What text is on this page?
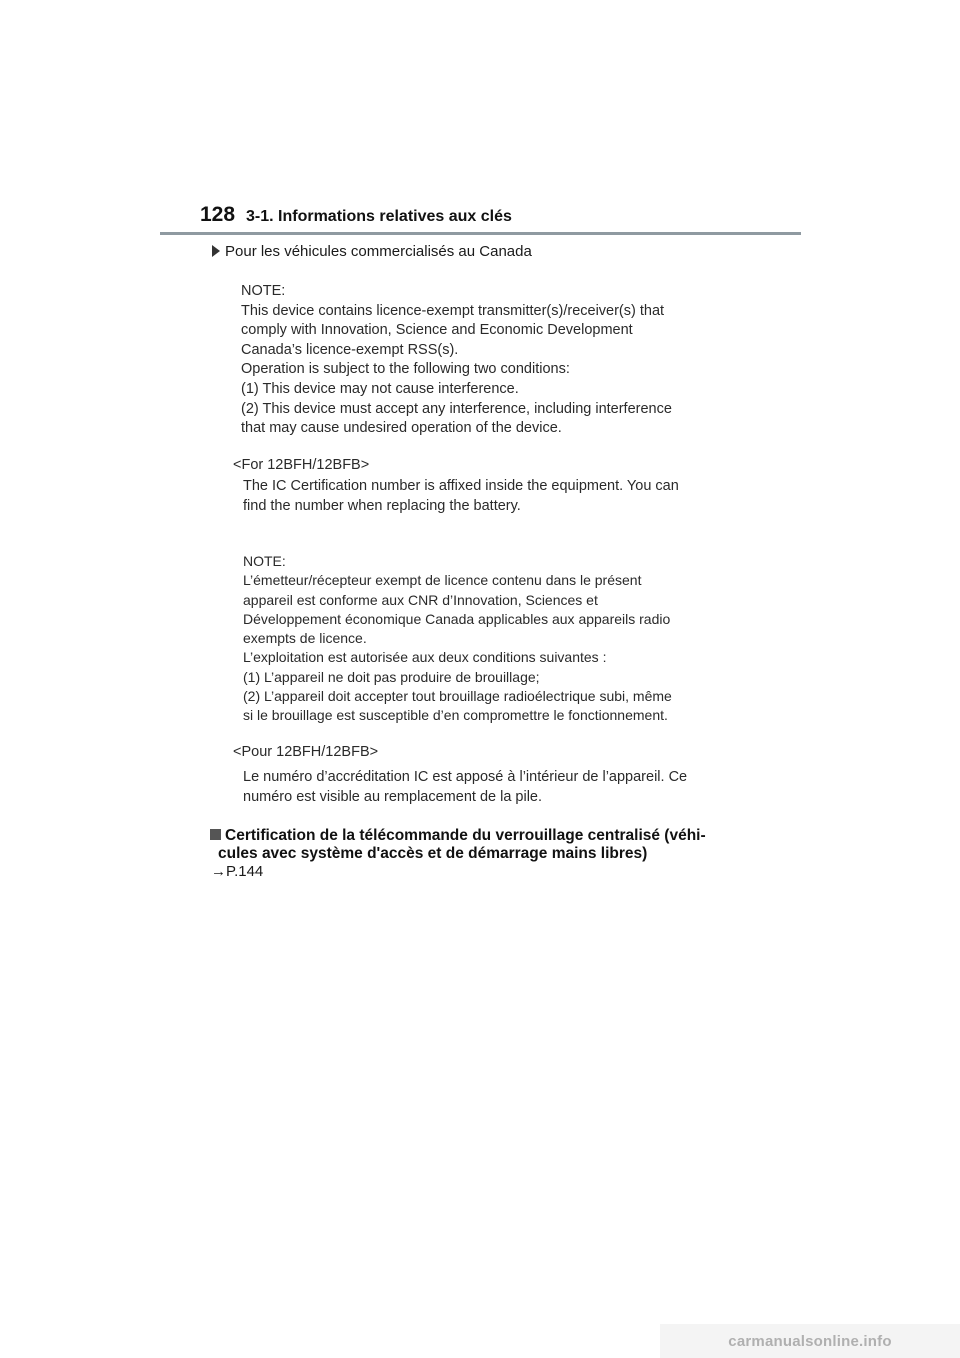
128 3-1. Informations relatives aux clés
Pour les véhicules commercialisés au Canada
NOTE:
This device contains licence-exempt transmitter(s)/receiver(s) that
comply with Innovation, Science and Economic Development
Canada’s licence-exempt RSS(s).
Operation is subject to the following two conditions:
(1) This device may not cause interference.
(2) This device must accept any interference, including interference
that may cause undesired operation of the device.
<For 12BFH/12BFB>
The IC Certification number is affixed inside the equipment. You can
find the number when replacing the battery.
NOTE:
L’émetteur/récepteur exempt de licence contenu dans le présent
appareil est conforme aux CNR d’Innovation, Sciences et
Développement économique Canada applicables aux appareils radio
exempts de licence.
L’exploitation est autorisée aux deux conditions suivantes :
(1) L’appareil ne doit pas produire de brouillage;
(2) L’appareil doit accepter tout brouillage radioélectrique subi, même
si le brouillage est susceptible d’en compromettre le fonctionnement.
<Pour 12BFH/12BFB>
Le numéro d’accréditation IC est apposé à l’intérieur de l’appareil. Ce
numéro est visible au remplacement de la pile.
Certification de la télécommande du verrouillage centralisé (véhi-
cules avec système d'accès et de démarrage mains libres)
→P.144
carmanualsonline.info
